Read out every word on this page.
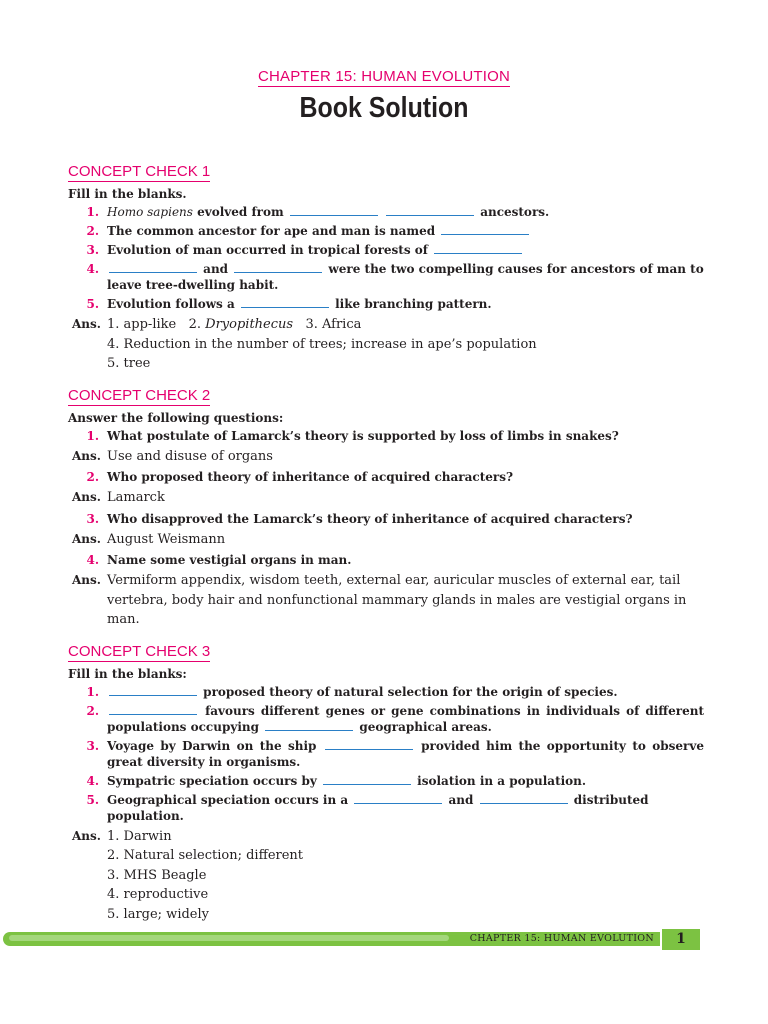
CHAPTER 15: HUMAN EVOLUTION
Book Solution
CONCEPT CHECK 1
Fill in the blanks.
1. Homo sapiens evolved from	ancestors.
2. The common ancestor for ape and man is named
3. Evolution of man occurred in tropical forests of
4.	and	were the two compelling causes for ancestors of man to leave tree-dwelling habit.
5. Evolution follows a	like branching pattern.
Ans. 1. app-like   2. Dryopithecus   3. Africa
4. Reduction in the number of trees; increase in ape’s population
5. tree
CONCEPT CHECK 2
Answer the following questions:
1. What postulate of Lamarck’s theory is supported by loss of limbs in snakes?
Ans. Use and disuse of organs
2. Who proposed theory of inheritance of acquired characters?
Ans. Lamarck
3. Who disapproved the Lamarck’s theory of inheritance of acquired characters?
Ans. August Weismann
4. Name some vestigial organs in man.
Ans. Vermiform appendix, wisdom teeth, external ear, auricular muscles of external ear, tail vertebra, body hair and nonfunctional mammary glands in males are vestigial organs in man.
CONCEPT CHECK 3
Fill in the blanks:
1.	proposed theory of natural selection for the origin of species.
2.	favours different genes or gene combinations in individuals of different populations occupying	geographical areas.
3. Voyage by Darwin on the ship	provided him the opportunity to observe great diversity in organisms.
4. Sympatric speciation occurs by	isolation in a population.
5. Geographical speciation occurs in a	and	distributed population.
Ans. 1. Darwin
2. Natural selection; different
3. MHS Beagle
4. reproductive
5. large; widely
CHAPTER 15: HUMAN EVOLUTION	1
